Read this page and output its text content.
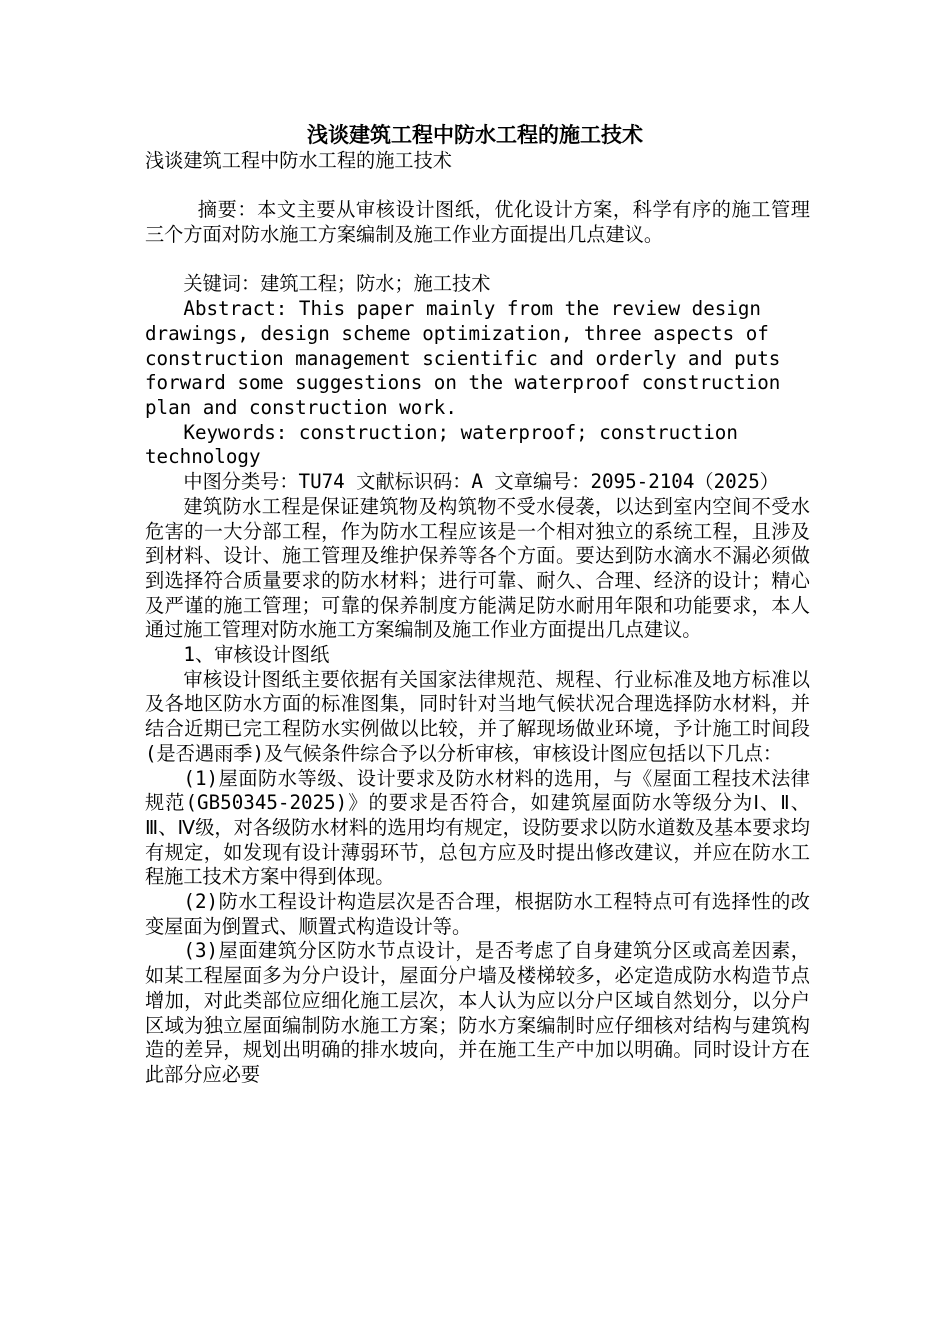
浅谈建筑工程中防水工程的施工技术

浅谈建筑工程中防水工程的施工技术

摘要：本文主要从审核设计图纸，优化设计方案，科学有序的施工管理三个方面对防水施工方案编制及施工作业方面提出几点建议。

关键词：建筑工程；防水；施工技术

Abstract: This paper mainly from the review design drawings, design scheme optimization, three aspects of construction management scientific and orderly and puts forward some suggestions on the waterproof construction plan and construction work.

Keywords: construction; waterproof; construction technology

中图分类号：TU74 文献标识码：A 文章编号：2095-2104（2025）

建筑防水工程是保证建筑物及构筑物不受水侵袭，以达到室内空间不受水危害的一大分部工程，作为防水工程应该是一个相对独立的系统工程，且涉及到材料、设计、施工管理及维护保养等各个方面。要达到防水滴水不漏必须做到选择符合质量要求的防水材料；进行可靠、耐久、合理、经济的设计；精心及严谨的施工管理；可靠的保养制度方能满足防水耐用年限和功能要求，本人通过施工管理对防水施工方案编制及施工作业方面提出几点建议。

1、审核设计图纸

审核设计图纸主要依据有关国家法律规范、规程、行业标准及地方标准以及各地区防水方面的标准图集，同时针对当地气候状况合理选择防水材料，并结合近期已完工程防水实例做以比较，并了解现场做业环境，予计施工时间段(是否遇雨季)及气候条件综合予以分析审核，审核设计图应包括以下几点：

(1)屋面防水等级、设计要求及防水材料的选用，与《屋面工程技术法律规范(GB50345-2025)》的要求是否符合，如建筑屋面防水等级分为Ⅰ、Ⅱ、Ⅲ、Ⅳ级，对各级防水材料的选用均有规定，设防要求以防水道数及基本要求均有规定，如发现有设计薄弱环节，总包方应及时提出修改建议，并应在防水工程施工技术方案中得到体现。

(2)防水工程设计构造层次是否合理，根据防水工程特点可有选择性的改变屋面为倒置式、顺置式构造设计等。

(3)屋面建筑分区防水节点设计，是否考虑了自身建筑分区或高差因素，如某工程屋面多为分户设计，屋面分户墙及楼梯较多，必定造成防水构造节点增加，对此类部位应细化施工层次，本人认为应以分户区域自然划分，以分户区域为独立屋面编制防水施工方案；防水方案编制时应仔细核对结构与建筑构造的差异，规划出明确的排水坡向，并在施工生产中加以明确。同时设计方在此部分应必要
